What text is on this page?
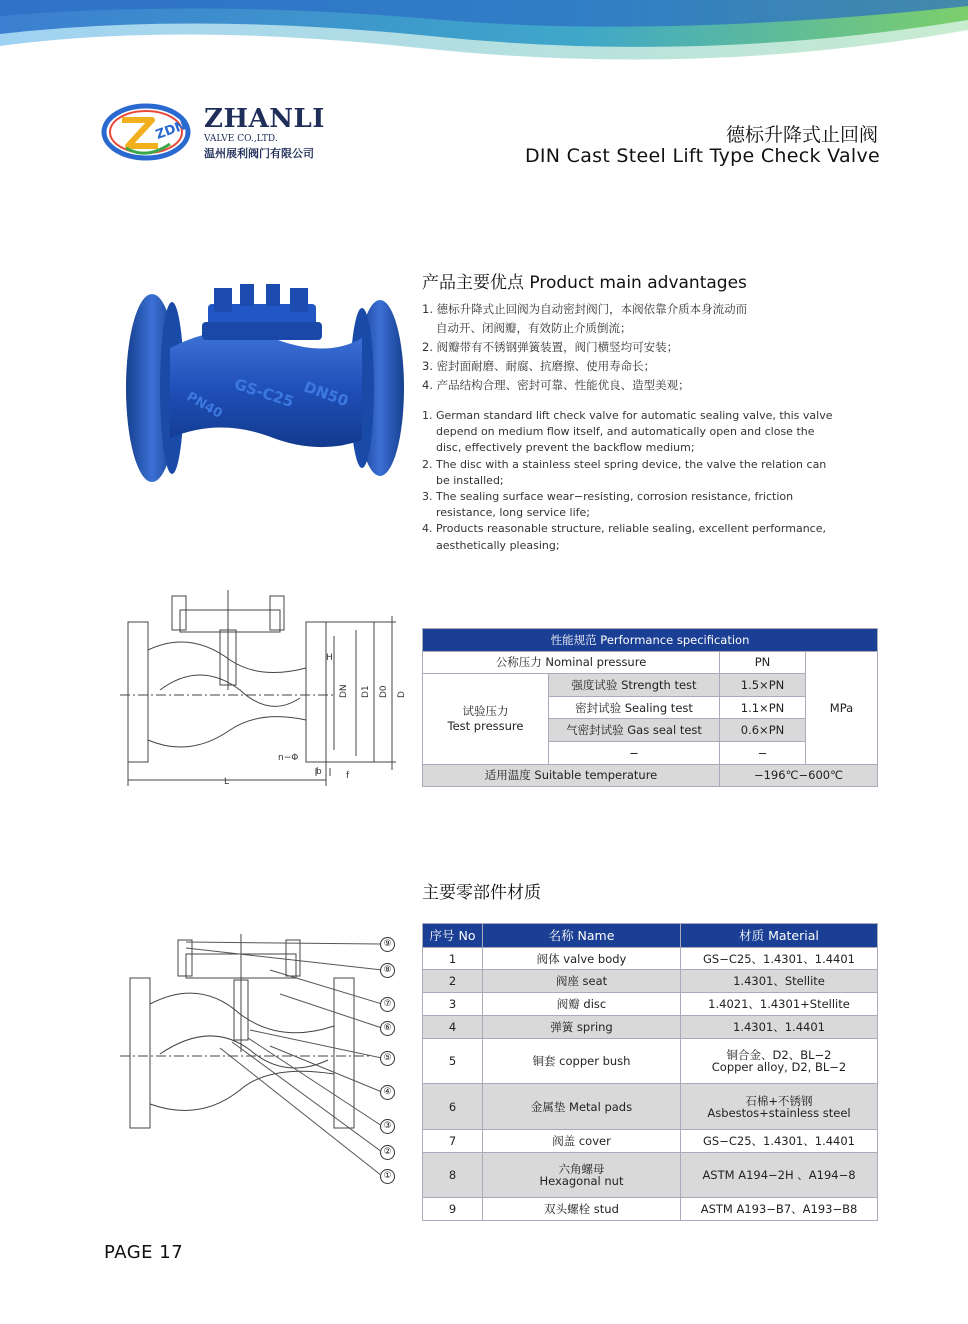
ZDN ZHANLI
VALVE CO.,LTD.
温州展利阀门有限公司
德标升降式止回阀
DIN Cast Steel Lift Type Check Valve
GS-C25 DN50
PN40
产品主要优点 Product main advantages
1. 德标升降式止回阀为自动密封阀门，本阀依靠介质本身流动而
自动开、闭阀瓣，有效防止介质倒流；
2. 阀瓣带有不锈钢弹簧装置，阀门横竖均可安装；
3. 密封面耐磨、耐腐、抗磨擦、使用寿命长；
4. 产品结构合理、密封可靠、性能优良、造型美观；
1. German standard lift check valve for automatic sealing valve, this valve depend on medium flow itself, and automatically open and close the disc, effectively prevent the backflow medium;
2. The disc with a stainless steel spring device, the valve the relation can be installed;
3. The sealing surface wear−resisting, corrosion resistance, friction resistance, long service life;
4. Products reasonable structure, reliable sealing, excellent performance, aesthetically pleasing;
H
DN D1 D0 D
n−Φ
L
b	f
性能规范 Performance specification			
公称压力 Nominal pressure		PN	MPa

试验压力
Test pressure	强度试验 Strength test	1.5×PN	
	密封试验 Sealing test	1.1×PN	
	气密封试验 Gas seal test	0.6×PN	
	−	−	
适用温度 Suitable temperature		−196℃−600℃	
主要零部件材质
⑨
⑧
⑦
⑥
⑤
④
③
②
①
序号 No	名称 Name	材质 Material
1	阀体 valve body	GS−C25、1.4301、1.4401
2	阀座 seat	1.4301、Stellite
3	阀瓣 disc	1.4021、1.4301+Stellite
4	弹簧 spring	1.4301、1.4401
5	铜套 copper bush	铜合金、D2、BL−2
Copper alloy, D2, BL−2

6	金属垫 Metal pads	石棉+不锈钢
Asbestos+stainless steel

7	阀盖 cover	GS−C25、1.4301、1.4401
8	六角螺母
Hexagonal nut	ASTM A194−2H 、A194−8
9	双头螺栓 stud	ASTM A193−B7、A193−B8
PAGE 17
